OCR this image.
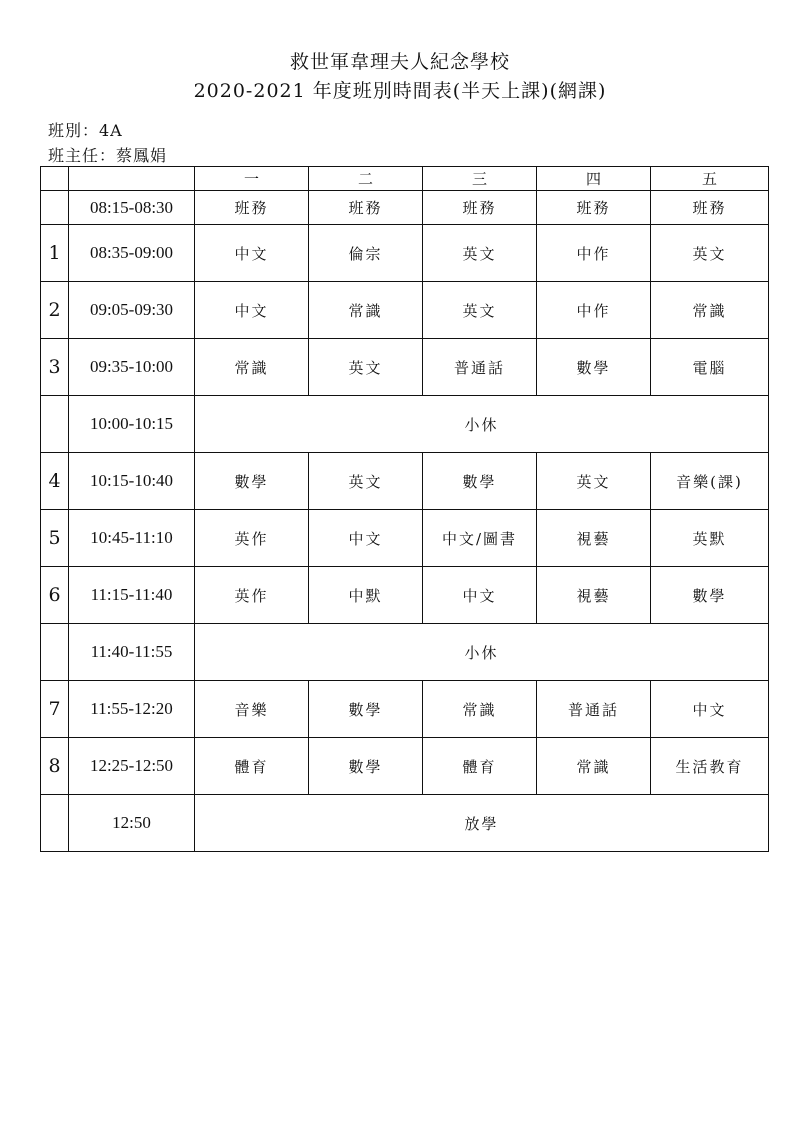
救世軍韋理夫人紀念學校
2020-2021 年度班別時間表(半天上課)(網課)
班別：4A
班主任：蔡鳳娟
		一	二	三	四	五
	08:15-08:30	班務	班務	班務	班務	班務
1	08:35-09:00	中文	倫宗	英文	中作	英文
2	09:05-09:30	中文	常識	英文	中作	常識
3	09:35-10:00	常識	英文	普通話	數學	電腦
	10:00-10:15	小休				
4	10:15-10:40	數學	英文	數學	英文	音樂(課)
5	10:45-11:10	英作	中文	中文/圖書	視藝	英默
6	11:15-11:40	英作	中默	中文	視藝	數學
	11:40-11:55	小休				
7	11:55-12:20	音樂	數學	常識	普通話	中文
8	12:25-12:50	體育	數學	體育	常識	生活教育
	12:50	放學				
